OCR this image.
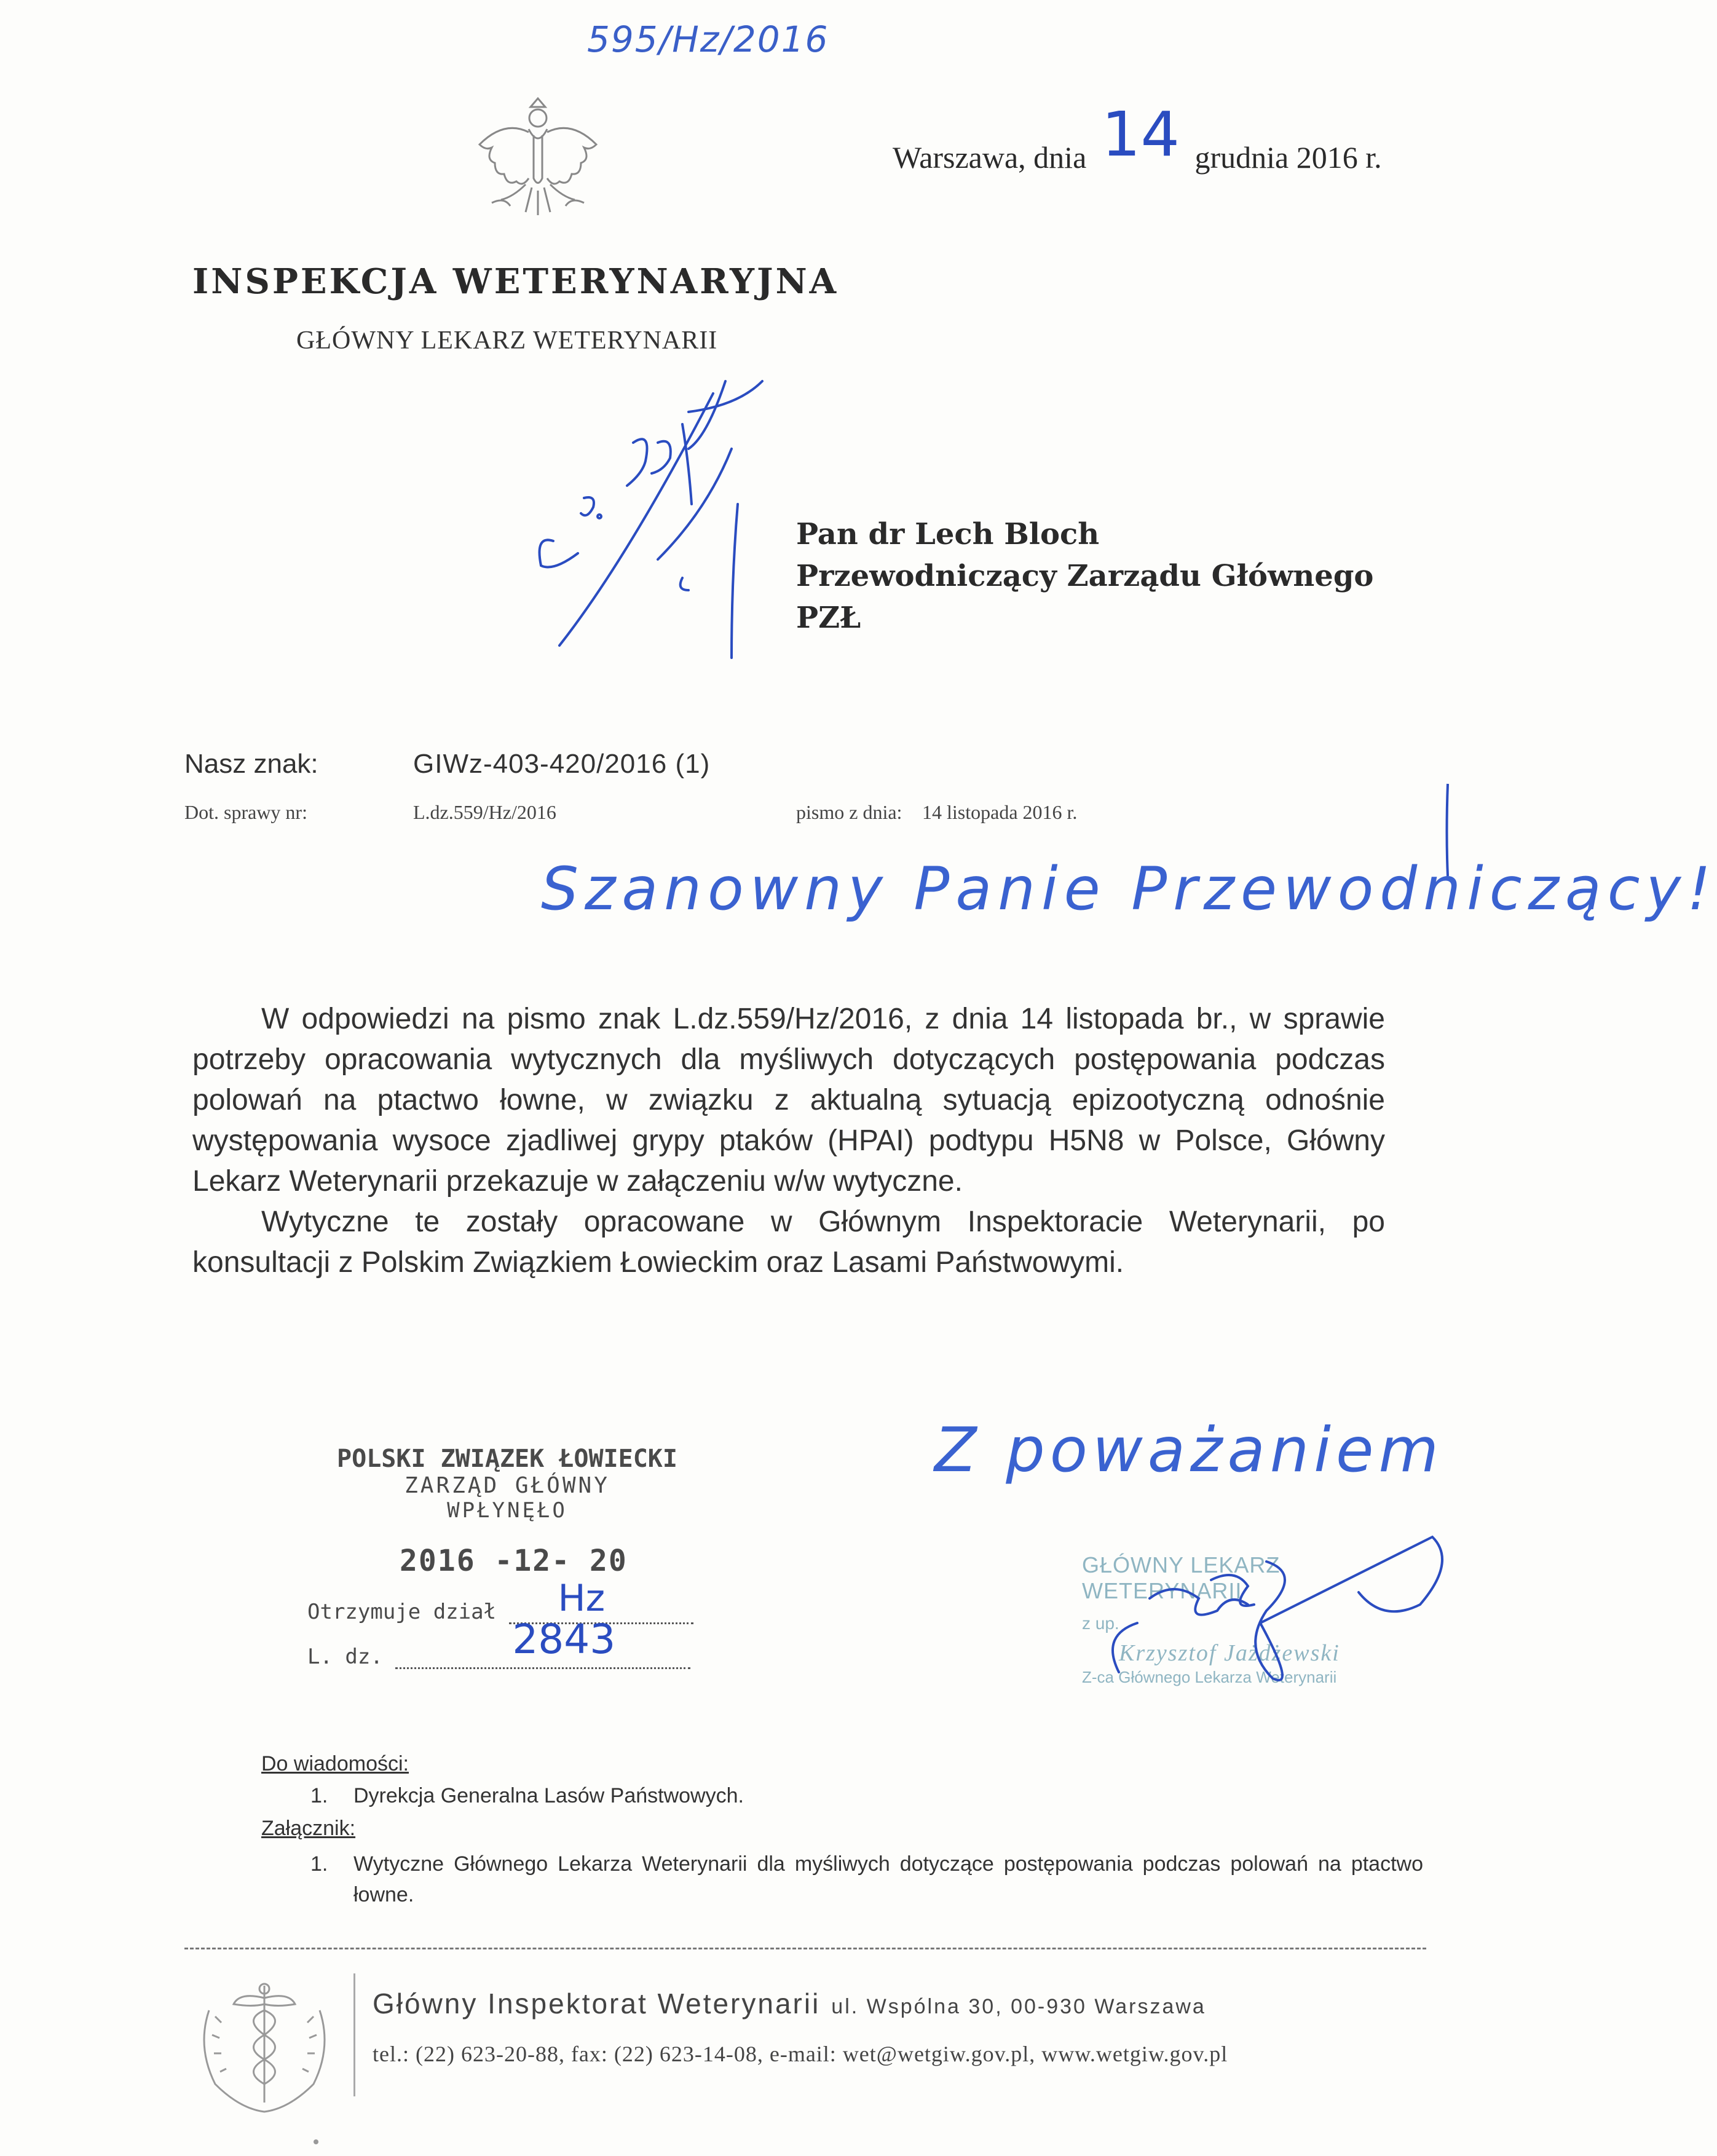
595/Hz/2016
Warszawa, dnia 14 grudnia 2016 r.
INSPEKCJA WETERYNARYJNA
GŁÓWNY LEKARZ WETERYNARII
Pan dr Lech Bloch
Przewodniczący Zarządu Głównego
PZŁ
Nasz znak:	GIWz-403-420/2016 (1)
Dot. sprawy nr:	L.dz.559/Hz/2016	pismo z dnia: 14 listopada 2016 r.
Szanowny Panie Przewodniczący!

W odpowiedzi na pismo znak L.dz.559/Hz/2016, z dnia 14 listopada br., w sprawie potrzeby opracowania wytycznych dla myśliwych dotyczących postępowania podczas polowań na ptactwo łowne, w związku z aktualną sytuacją epizootyczną odnośnie występowania wysoce zjadliwej grypy ptaków (HPAI) podtypu H5N8 w Polsce, Główny Lekarz Weterynarii przekazuje w załączeniu w/w wytyczne.

Wytyczne te zostały opracowane w Głównym Inspektoracie Weterynarii, po konsultacji z Polskim Związkiem Łowieckim oraz Lasami Państwowymi.

POLSKI ZWIĄZEK ŁOWIECKI
ZARZĄD GŁÓWNY
WPŁYNĘŁO
2016 -12- 20
Otrzymuje dział Hz
L. dz.	2843
Z poważaniem
GŁÓWNY LEKARZ WETERYNARII
z up.
Krzysztof Jażdżewski
Z-ca Głównego Lekarza Weterynarii
Do wiadomości:
1. Dyrekcja Generalna Lasów Państwowych.
Załącznik:
1.	Wytyczne Głównego Lekarza Weterynarii dla myśliwych dotyczące postępowania podczas polowań na ptactwo łowne.
Główny Inspektorat Weterynarii ul. Wspólna 30, 00-930 Warszawa
tel.: (22) 623-20-88, fax: (22) 623-14-08, e-mail: wet@wetgiw.gov.pl, www.wetgiw.gov.pl
